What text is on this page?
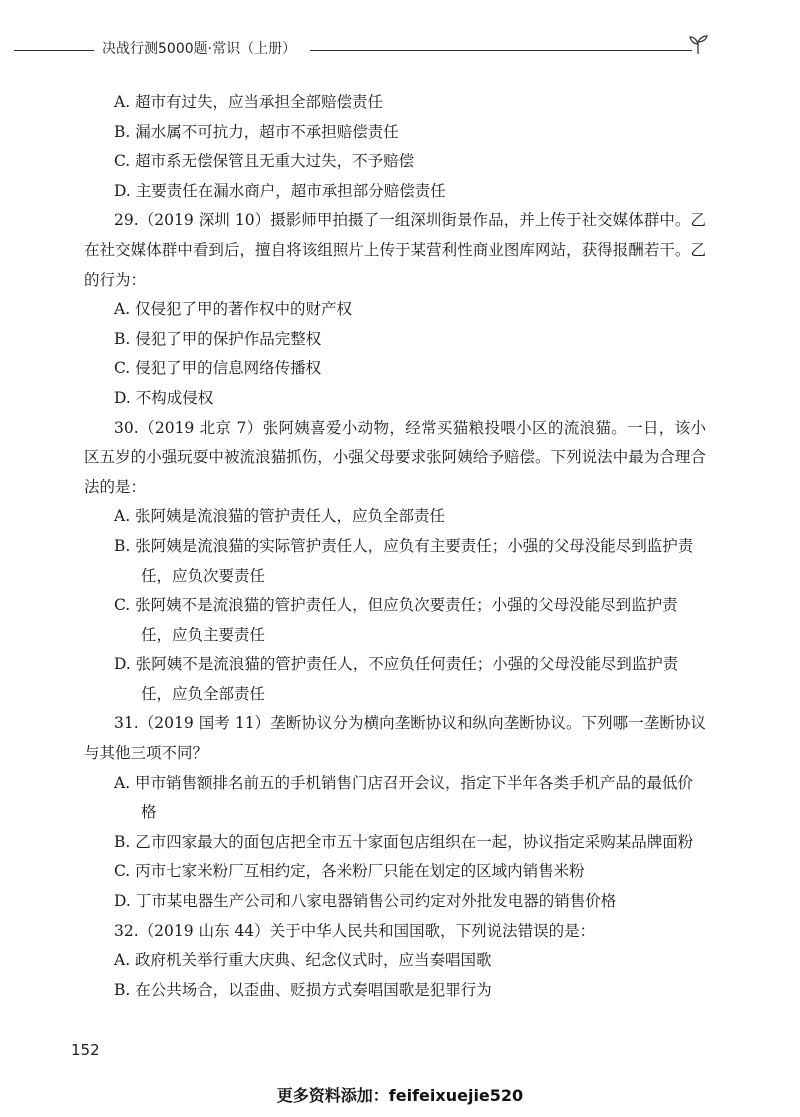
决战行测5000题·常识（上册）

A. 超市有过失，应当承担全部赔偿责任

B. 漏水属不可抗力，超市不承担赔偿责任

C. 超市系无偿保管且无重大过失，不予赔偿

D. 主要责任在漏水商户，超市承担部分赔偿责任

29.（2019 深圳 10）摄影师甲拍摄了一组深圳街景作品，并上传于社交媒体群中。乙在社交媒体群中看到后，擅自将该组照片上传于某营利性商业图库网站，获得报酬若干。乙的行为：

A. 仅侵犯了甲的著作权中的财产权

B. 侵犯了甲的保护作品完整权

C. 侵犯了甲的信息网络传播权

D. 不构成侵权

30.（2019 北京 7）张阿姨喜爱小动物，经常买猫粮投喂小区的流浪猫。一日，该小区五岁的小强玩耍中被流浪猫抓伤，小强父母要求张阿姨给予赔偿。下列说法中最为合理合法的是：

A. 张阿姨是流浪猫的管护责任人，应负全部责任

B. 张阿姨是流浪猫的实际管护责任人，应负有主要责任；小强的父母没能尽到监护责任，应负次要责任

C. 张阿姨不是流浪猫的管护责任人，但应负次要责任；小强的父母没能尽到监护责任，应负主要责任

D. 张阿姨不是流浪猫的管护责任人，不应负任何责任；小强的父母没能尽到监护责任，应负全部责任

31.（2019 国考 11）垄断协议分为横向垄断协议和纵向垄断协议。下列哪一垄断协议与其他三项不同？

A. 甲市销售额排名前五的手机销售门店召开会议，指定下半年各类手机产品的最低价格

B. 乙市四家最大的面包店把全市五十家面包店组织在一起，协议指定采购某品牌面粉

C. 丙市七家米粉厂互相约定，各米粉厂只能在划定的区域内销售米粉

D. 丁市某电器生产公司和八家电器销售公司约定对外批发电器的销售价格

32.（2019 山东 44）关于中华人民共和国国歌，下列说法错误的是：

A. 政府机关举行重大庆典、纪念仪式时，应当奏唱国歌

B. 在公共场合，以歪曲、贬损方式奏唱国歌是犯罪行为

152
更多资料添加：feifeixuejie520
